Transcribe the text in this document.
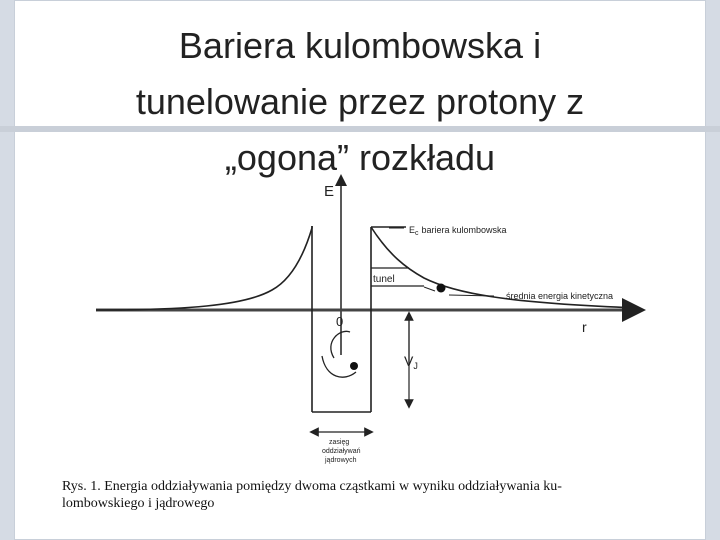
Bariera kulombowska i
tunelowanie przez protony z
„ogona” rozkładu
E
r
0
tunel
średnia energia kinetyczna
$E_c$ bariera kulombowska
$V_J$
zasięg
oddziaływań
jądrowych
Rys. 1. Energia oddziaływania pomiędzy dwoma cząstkami w wyniku oddziaływania ku-
lombowskiego i jądrowego
